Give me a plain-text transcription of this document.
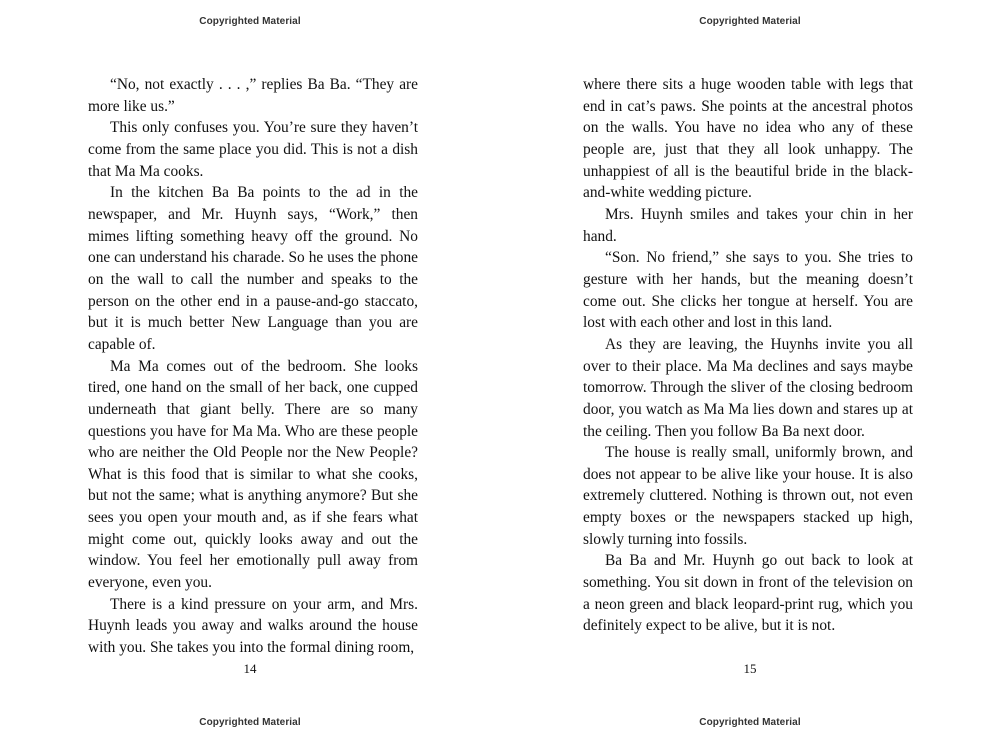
Copyrighted Material

“No, not exactly . . . ,” replies Ba Ba. “They are more like us.”

This only confuses you. You’re sure they haven’t come from the same place you did. This is not a dish that Ma Ma cooks.

In the kitchen Ba Ba points to the ad in the newspaper, and Mr. Huynh says, “Work,” then mimes lifting something heavy off the ground. No one can understand his charade. So he uses the phone on the wall to call the number and speaks to the person on the other end in a pause-and-go staccato, but it is much better New Language than you are capable of.

Ma Ma comes out of the bedroom. She looks tired, one hand on the small of her back, one cupped underneath that giant belly. There are so many questions you have for Ma Ma. Who are these people who are neither the Old People nor the New People? What is this food that is similar to what she cooks, but not the same; what is anything anymore? But she sees you open your mouth and, as if she fears what might come out, quickly looks away and out the window. You feel her emotionally pull away from everyone, even you.

There is a kind pressure on your arm, and Mrs. Huynh leads you away and walks around the house with you. She takes you into the formal dining room,

14
Copyrighted Material
Copyrighted Material

where there sits a huge wooden table with legs that end in cat’s paws. She points at the ancestral photos on the walls. You have no idea who any of these people are, just that they all look unhappy. The unhappiest of all is the beautiful bride in the black-and-white wedding picture.

Mrs. Huynh smiles and takes your chin in her hand.

“Son. No friend,” she says to you. She tries to gesture with her hands, but the meaning doesn’t come out. She clicks her tongue at herself. You are lost with each other and lost in this land.

As they are leaving, the Huynhs invite you all over to their place. Ma Ma declines and says maybe tomorrow. Through the sliver of the closing bedroom door, you watch as Ma Ma lies down and stares up at the ceiling. Then you follow Ba Ba next door.

The house is really small, uniformly brown, and does not appear to be alive like your house. It is also extremely cluttered. Nothing is thrown out, not even empty boxes or the newspapers stacked up high, slowly turning into fossils.

Ba Ba and Mr. Huynh go out back to look at something. You sit down in front of the television on a neon green and black leopard-print rug, which you definitely expect to be alive, but it is not.

15
Copyrighted Material
